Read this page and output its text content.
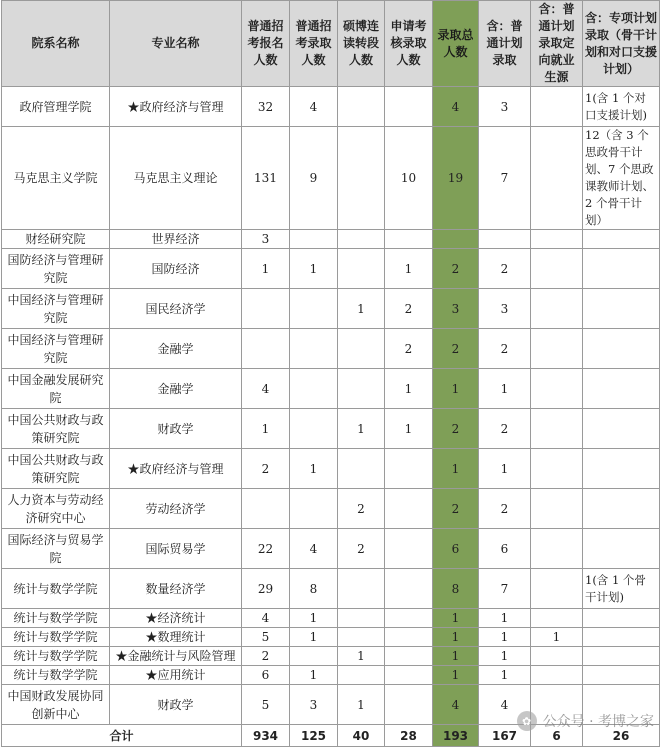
院系名称	专业名称	普通招考报名人数	普通招考录取人数	硕博连读转段人数	申请考核录取人数	录取总人数	含：普通计划录取	含：普通计划录取定向就业生源	含：专项计划录取（骨干计划和对口支援计划）
政府管理学院	★政府经济与管理	32	4			4	3		1(含 1 个对口支援计划)
马克思主义学院	马克思主义理论	131	9		10	19	7		12（含 3 个思政骨干计划、7 个思政课教师计划、2 个骨干计划）
财经研究院	世界经济	3							
国防经济与管理研究院	国防经济	1	1		1	2	2		
中国经济与管理研究院	国民经济学			1	2	3	3		
中国经济与管理研究院	金融学				2	2	2		
中国金融发展研究院	金融学	4			1	1	1		
中国公共财政与政策研究院	财政学	1		1	1	2	2		
中国公共财政与政策研究院	★政府经济与管理	2	1			1	1		
人力资本与劳动经济研究中心	劳动经济学			2		2	2		
国际经济与贸易学院	国际贸易学	22	4	2		6	6		
统计与数学学院	数量经济学	29	8			8	7		1(含 1 个骨干计划)
统计与数学学院	★经济统计	4	1			1	1		
统计与数学学院	★数理统计	5	1			1	1	1	
统计与数学学院	★金融统计与风险管理	2		1		1	1		
统计与数学学院	★应用统计	6	1			1	1		
中国财政发展协同创新中心	财政学	5	3	1		4	4		
合计		934	125	40	28	193	167	6	26
✿ 公众号 · 考博之家
